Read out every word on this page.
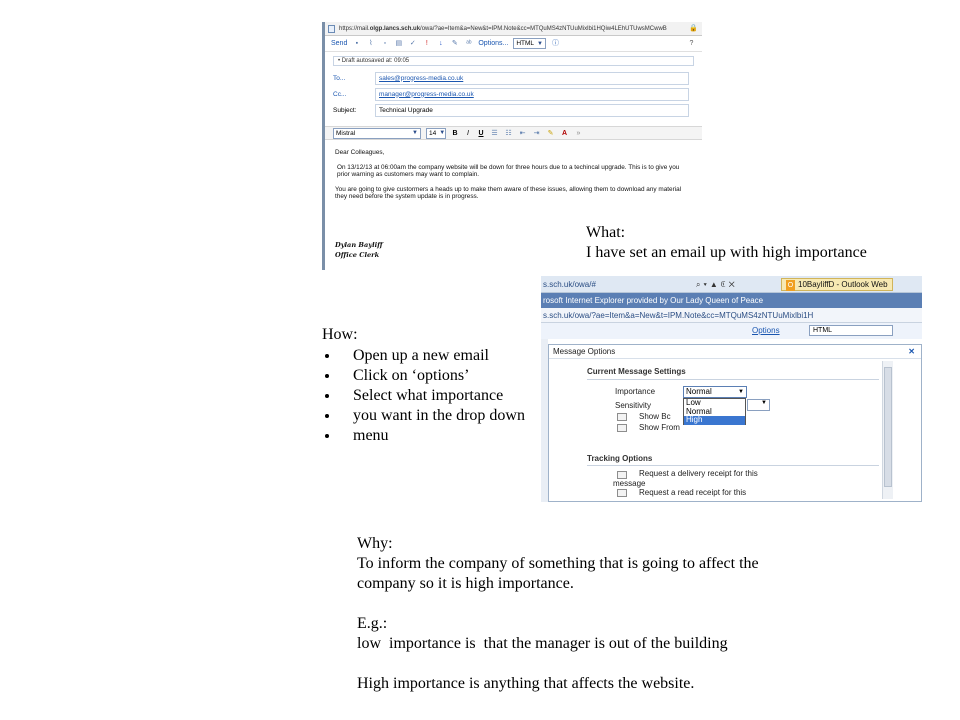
https://mail.olgp.lancs.sch.uk/owa/?ae=Item&a=New&t=IPM.Note&cc=MTQuMS4zNTUuMixlbi1HQiw4LEhUTUwsMCwwB	🔒
Send	▪	⌇	▫	▤ ✓	!	↓	✎ ᵃᵇ Options... HTML ▼ ⓘ	?
• Draft autosaved at: 09:05
To...	sales@progress-media.co.uk
Cc...	manager@progress-media.co.uk
Subject:	Technical Upgrade
Mistral	▼ 14 ▼ B	I	U ☰ ☷ ⇤ ⇥ ✎ A	»

Dear Colleagues,

On 13/12/13 at 06:00am the company website will be down for three hours due to a techincal upgrade. This is to give you prior warning as customers may want to complain.

You are going to give custormers a heads up to make them aware of these issues, allowing them to download any material they need before the system update is in progress.

Dylan Bayliff
Office Clerk
What:
I have set an email up with high importance
s.sch.uk/owa/#	⌕▾▲ℭ✕	O 10BayliffD - Outlook Web
rosoft Internet Explorer provided by Our Lady Queen of Peace
s.sch.uk/owa/?ae=Item&a=New&t=IPM.Note&cc=MTQuMS4zNTUuMixlbi1H
Options	HTML
Message Options	✕
Current Message Settings
Importance	Normal	▼
Sensitivity	▼
Show Bc
Show From
Low
Normal
High
Tracking Options
Request a delivery receipt for this
message
Request a read receipt for this
How:
Open up a new email
Click on ‘options’
Select what importance
you want in the drop down
menu
Why:
To inform the company of something that is going to affect the
company so it is high importance.
E.g.:
low  importance is  that the manager is out of the building
High importance is anything that affects the website.
